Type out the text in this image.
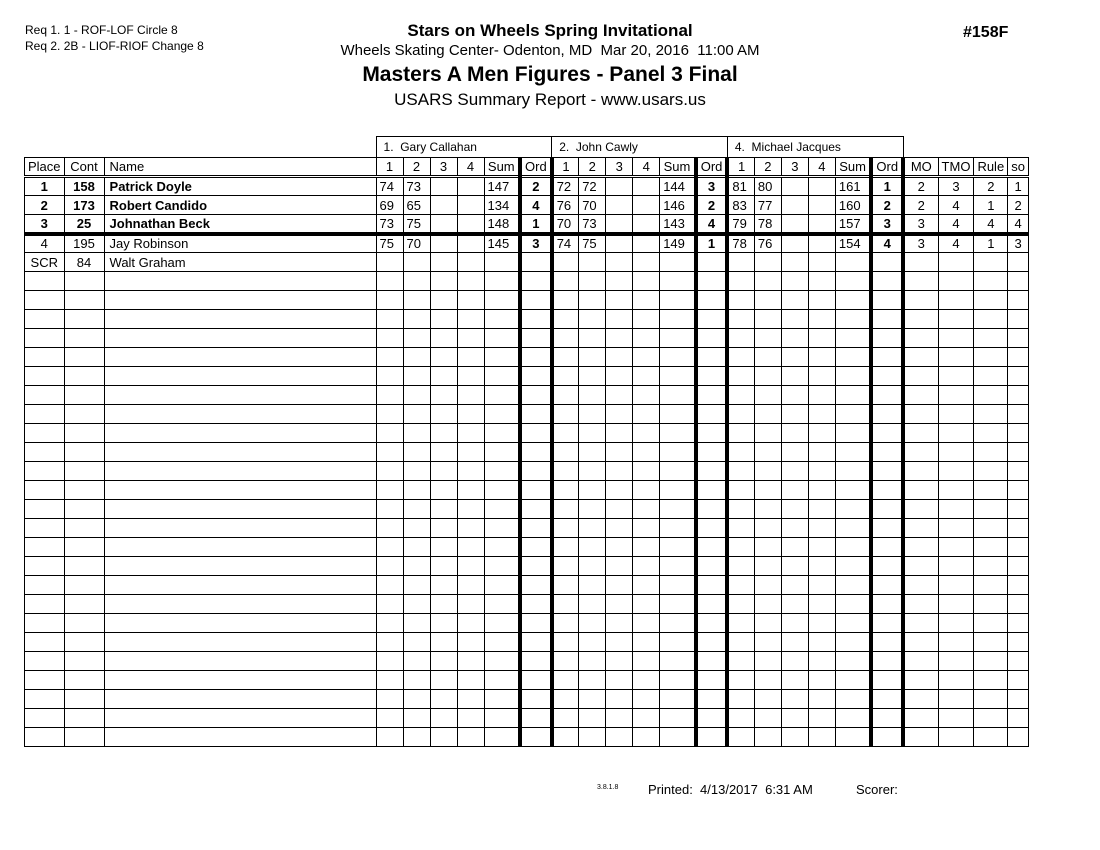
Req 1. 1 - ROF-LOF Circle 8
Req 2. 2B - LIOF-RIOF Change 8
Stars on Wheels Spring Invitational
Wheels Skating Center- Odenton, MD  Mar 20, 2016  11:00 AM
Masters A Men Figures - Panel 3 Final
USARS Summary Report - www.usars.us
#158F
			1.  Gary Callahan						2.  John Cawly						4.  Michael Jacques									
Place	Cont	Name	1	2	3	4	Sum	Ord	1	2	3	4	Sum	Ord	1	2	3	4	Sum	Ord	MO	TMO	Rule	so
1	158	Patrick Doyle	74	73			147	2	72	72			144	3	81	80			161	1	2	3	2	1
2	173	Robert Candido	69	65			134	4	76	70			146	2	83	77			160	2	2	4	1	2
3	25	Johnathan Beck	73	75			148	1	70	73			143	4	79	78			157	3	3	4	4	4
4	195	Jay Robinson	75	70			145	3	74	75			149	1	78	76			154	4	3	4	1	3
SCR	84	Walt Graham																						

3.8.1.8 Printed:  4/13/2017  6:31 AM	Scorer:
